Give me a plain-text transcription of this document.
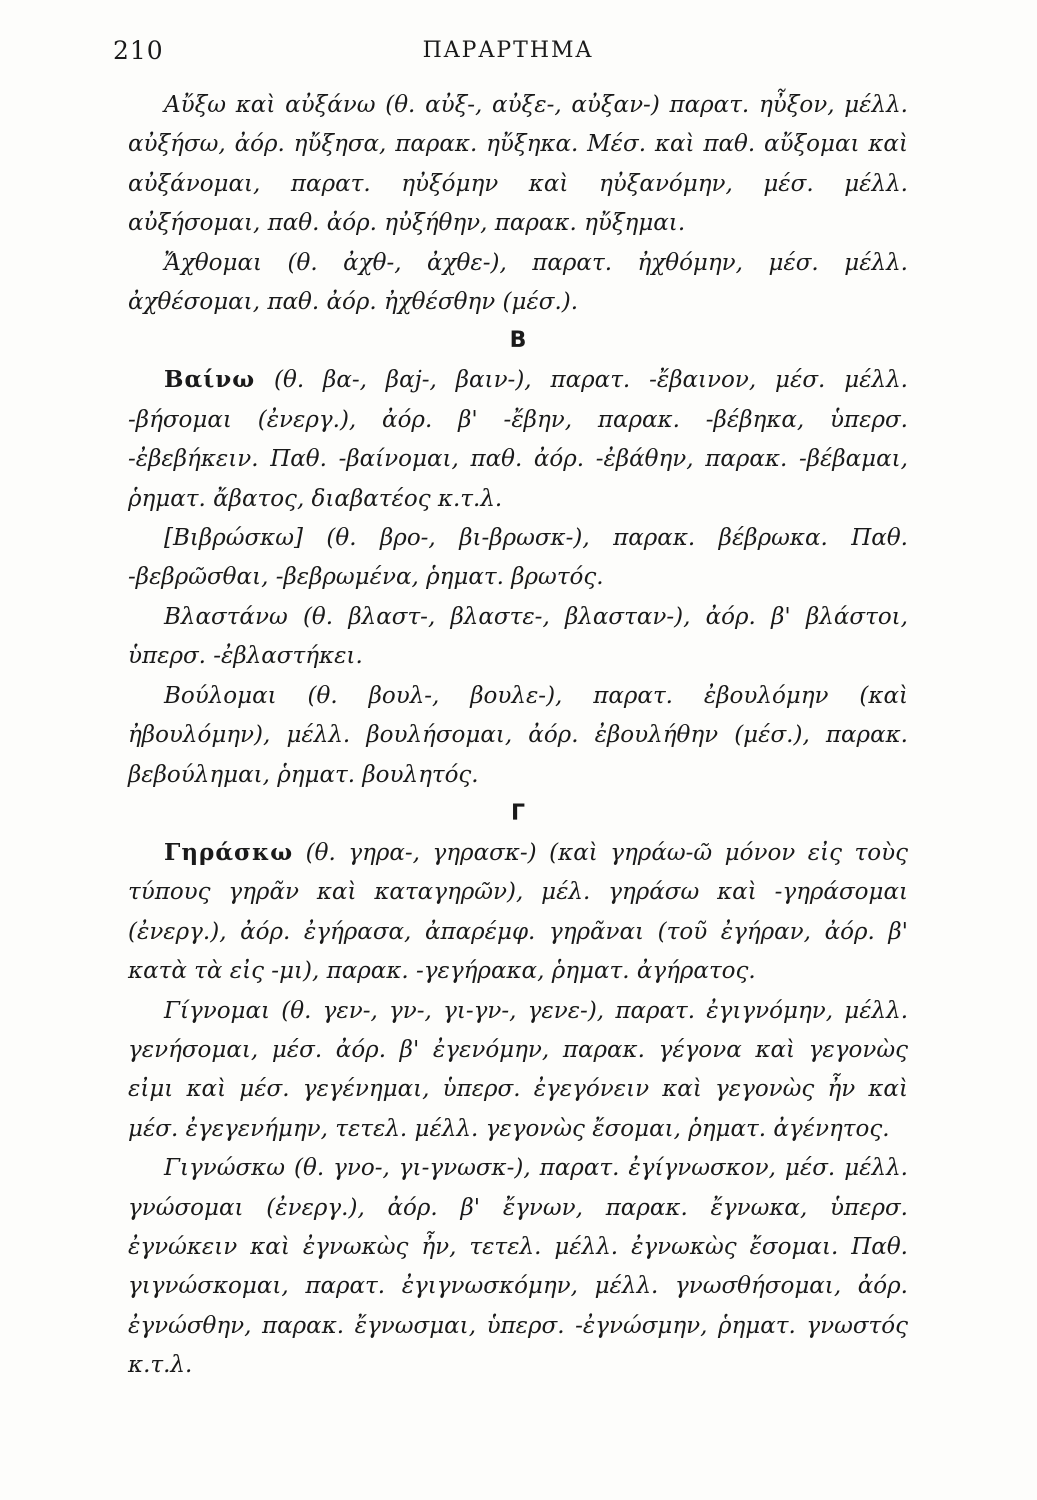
210	ΠΑΡΑΡΤΗΜΑ

Αὔξω καὶ αὐξάνω (θ. αὐξ-, αὐξε-, αὐξαν-) παρατ. ηὖξον, μέλλ. αὐξήσω, ἀόρ. ηὔξησα, παρακ. ηὔξηκα. Μέσ. καὶ παθ. αὔξομαι καὶ αὐξάνομαι, παρατ. ηὐξόμην καὶ ηὐξανόμην, μέσ. μέλλ. αὐξήσομαι, παθ. ἀόρ. ηὐξήθην, παρακ. ηὔξημαι.

Ἄχθομαι (θ. ἀχθ-, ἀχθε-), παρατ. ἠχθόμην, μέσ. μέλλ. ἀχθέσομαι, παθ. ἀόρ. ἠχθέσθην (μέσ.).

Β

Βαίνω (θ. βα-, βαϳ-, βαιν-), παρατ. -ἔβαινον, μέσ. μέλλ. -βήσομαι (ἐνεργ.), ἀόρ. β' -ἔβην, παρακ. -βέβηκα, ὑπερσ. -ἐβεβήκειν. Παθ. -βαίνομαι, παθ. ἀόρ. -ἐβάθην, παρακ. -βέβαμαι, ῥηματ. ἄβατος, διαβατέος κ.τ.λ.

[Βιβρώσκω] (θ. βρο-, βι-βρωσκ-), παρακ. βέβρωκα. Παθ. -βεβρῶσθαι, -βεβρωμένα, ῥηματ. βρωτός.

Βλαστάνω (θ. βλαστ-, βλαστε-, βλασταν-), ἀόρ. β' βλάστοι, ὑπερσ. -ἐβλαστήκει.

Βούλομαι (θ. βουλ-, βουλε-), παρατ. ἐβουλόμην (καὶ ἠβουλόμην), μέλλ. βουλήσομαι, ἀόρ. ἐβουλήθην (μέσ.), παρακ. βεβούλημαι, ῥηματ. βουλητός.

Γ

Γηράσκω (θ. γηρα-, γηρασκ-) (καὶ γηράω-ῶ μόνον εἰς τοὺς τύπους γηρᾶν καὶ καταγηρῶν), μέλ. γηράσω καὶ -γηράσομαι (ἐνεργ.), ἀόρ. ἐγήρασα, ἀπαρέμφ. γηρᾶναι (τοῦ ἐγήραν, ἀόρ. β' κατὰ τὰ εἰς -μι), παρακ. -γεγήρακα, ῥηματ. ἀγήρατος.

Γίγνομαι (θ. γεν-, γν-, γι-γν-, γενε-), παρατ. ἐγιγνόμην, μέλλ. γενήσομαι, μέσ. ἀόρ. β' ἐγενόμην, παρακ. γέγονα καὶ γεγονὼς εἰμι καὶ μέσ. γεγένημαι, ὑπερσ. ἐγεγόνειν καὶ γεγονὼς ἦν καὶ μέσ. ἐγεγενήμην, τετελ. μέλλ. γεγονὼς ἔσομαι, ῥηματ. ἀγένητος.

Γιγνώσκω (θ. γνο-, γι-γνωσκ-), παρατ. ἐγίγνωσκον, μέσ. μέλλ. γνώσομαι (ἐνεργ.), ἀόρ. β' ἔγνων, παρακ. ἔγνωκα, ὑπερσ. ἐγνώκειν καὶ ἐγνωκὼς ἦν, τετελ. μέλλ. ἐγνωκὼς ἔσομαι. Παθ. γιγνώσκομαι, παρατ. ἐγιγνωσκόμην, μέλλ. γνωσθήσομαι, ἀόρ. ἐγνώσθην, παρακ. ἔγνωσμαι, ὑπερσ. -ἐγνώσμην, ῥηματ. γνωστός κ.τ.λ.
